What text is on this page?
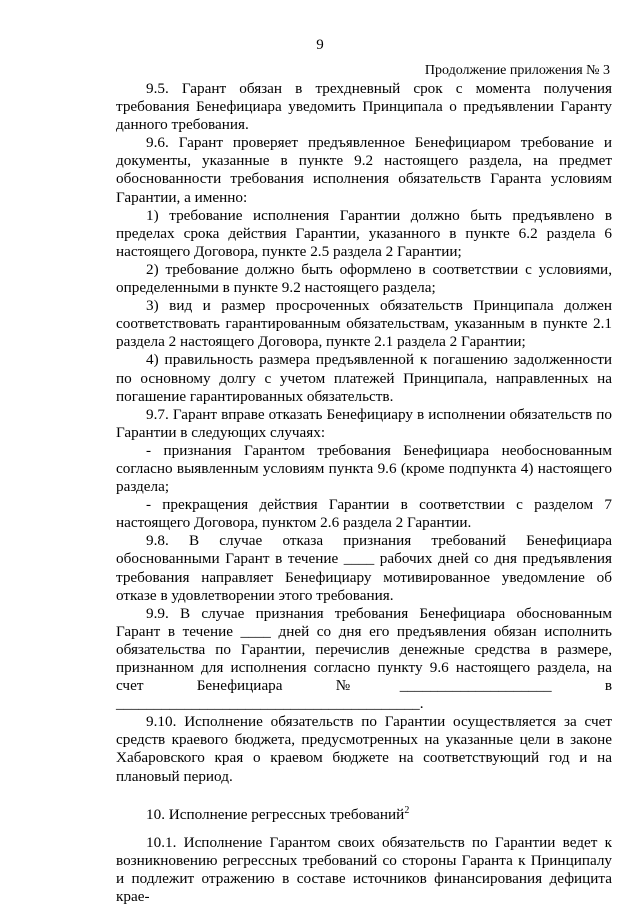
9
Продолжение приложения № 3

9.5. Гарант обязан в трехдневный срок с момента получения требования Бенефициара уведомить Принципала о предъявлении Гаранту данного требования.

9.6. Гарант проверяет предъявленное Бенефициаром требование и документы, указанные в пункте 9.2 настоящего раздела, на предмет обоснованности требования исполнения обязательств Гаранта условиям Гарантии, а именно:

1) требование исполнения Гарантии должно быть предъявлено в пределах срока действия Гарантии, указанного в пункте 6.2 раздела 6 настоящего Договора, пункте 2.5 раздела 2 Гарантии;

2) требование должно быть оформлено в соответствии с условиями, определенными в пункте 9.2 настоящего раздела;

3) вид и размер просроченных обязательств Принципала должен соответствовать гарантированным обязательствам, указанным в пункте 2.1 раздела 2 настоящего Договора, пункте 2.1 раздела 2 Гарантии;

4) правильность размера предъявленной к погашению задолженности по основному долгу с учетом платежей Принципала, направленных на погашение гарантированных обязательств.

9.7. Гарант вправе отказать Бенефициару в исполнении обязательств по Гарантии в следующих случаях:

- признания Гарантом требования Бенефициара необоснованным согласно выявленным условиям пункта 9.6 (кроме подпункта 4) настоящего раздела;

- прекращения действия Гарантии в соответствии с разделом 7 настоящего Договора, пунктом 2.6 раздела 2 Гарантии.

9.8. В случае отказа признания требований Бенефициара обоснованными Гарант в течение ____ рабочих дней со дня предъявления требования направляет Бенефициару мотивированное уведомление об отказе в удовлетворении этого требования.

9.9. В случае признания требования Бенефициара обоснованным Гарант в течение ____ дней со дня его предъявления обязан исполнить обязательства по Гарантии, перечислив денежные средства в размере, признанном для исполнения согласно пункту 9.6 настоящего раздела, на счет Бенефициара №____________________ в ________________________________________.

9.10. Исполнение обязательств по Гарантии осуществляется за счет средств краевого бюджета, предусмотренных на указанные цели в законе Хабаровского края о краевом бюджете на соответствующий год и на плановый период.

10. Исполнение регрессных требований$^2$

10.1. Исполнение Гарантом своих обязательств по Гарантии ведет к возникновению регрессных требований со стороны Гаранта к Принципалу и подлежит отражению в составе источников финансирования дефицита крае-
